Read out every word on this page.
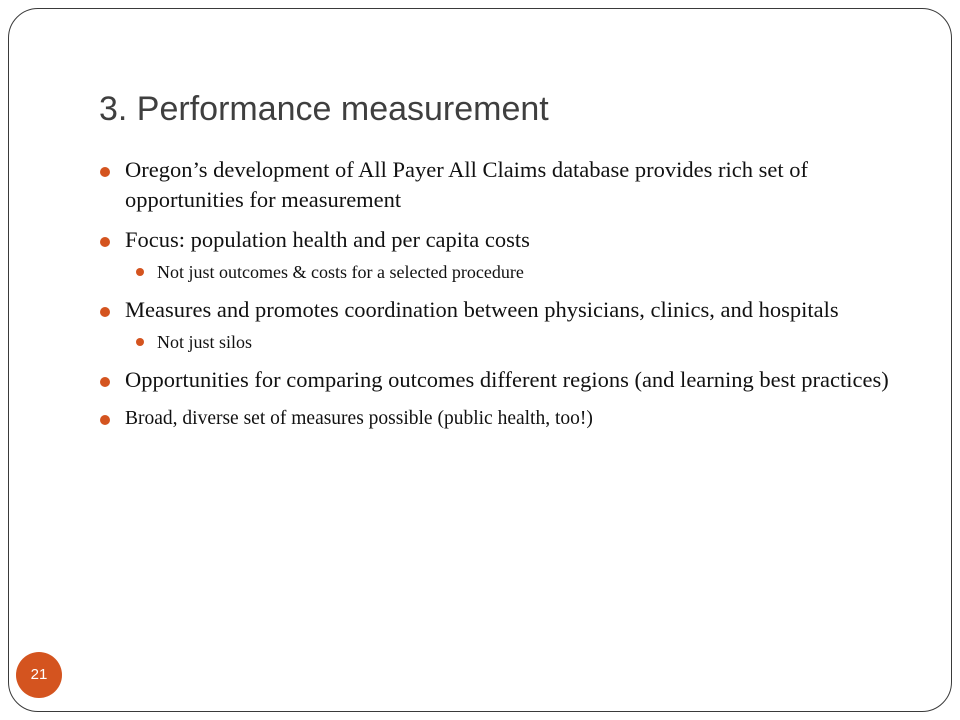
3. Performance measurement
Oregon’s development of All Payer All Claims database provides rich set of opportunities for measurement
Focus: population health and per capita costs
Not just outcomes & costs for a selected procedure
Measures and promotes coordination between physicians, clinics, and hospitals
Not just silos
Opportunities for comparing outcomes different regions (and learning best practices)
Broad, diverse set of measures possible (public health, too!)
21
